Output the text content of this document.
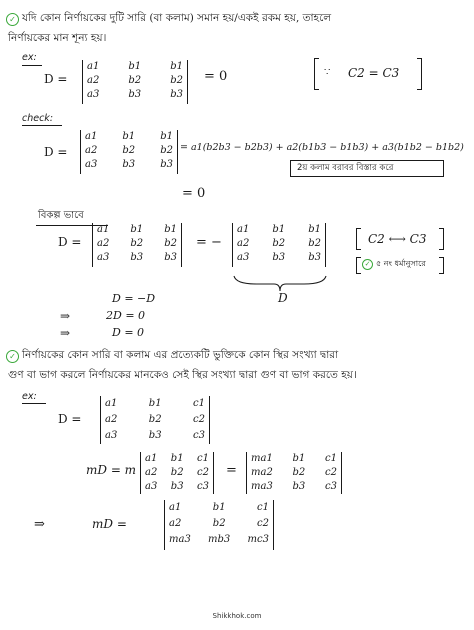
✓ যদি কোন নির্ণায়কের দুটি সারি (বা কলাম) সমান হয়/একই রকম হয়, তাহলে
নির্ণায়কের মান শূন্য হয়।
ex:
D =
a1	b1	b1
a2	b2	b2
a3	b3	b3
= 0	∵ C2 = C3
check:
D =
a1	b1	b1
a2	b2	b2
a3	b3	b3
= a1(b2b3 − b2b3) + a2(b1b3 − b1b3) + a3(b1b2 − b1b2)
2য় কলাম বরাবর বিস্তার করে
= 0
বিকল্প ভাবে
D =
a1 b1 b1
a2 b2 b2
a3 b3 b3
= −
a1 b1 b1
a2 b2 b2
a3 b3 b3
C2 ⟷ C3
✓ ৫ নং ধর্মানুসারে
D
D = −D
⇒	2D = 0
⇒	D = 0
✓ নির্ণায়কের কোন সারি বা কলাম এর প্রত্যেকটি ভুক্তিকে কোন স্থির সংখ্যা দ্বারা
গুণ বা ভাগ করলে নির্ণায়কের মানকেও সেই স্থির সংখ্যা দ্বারা গুণ বা ভাগ করতে হয়।
ex:
D =
a1	b1	c1
a2	b2	c2
a3	b3	c3
mD = m
a1 b1 c1
a2 b2 c2
a3 b3 c3
=
ma1 b1 c1
ma2 b2 c2
ma3 b3 c3
⇒	mD =
a1	b1	c1
a2	b2	c2
ma3 mb3 mc3
Shikkhok.com
